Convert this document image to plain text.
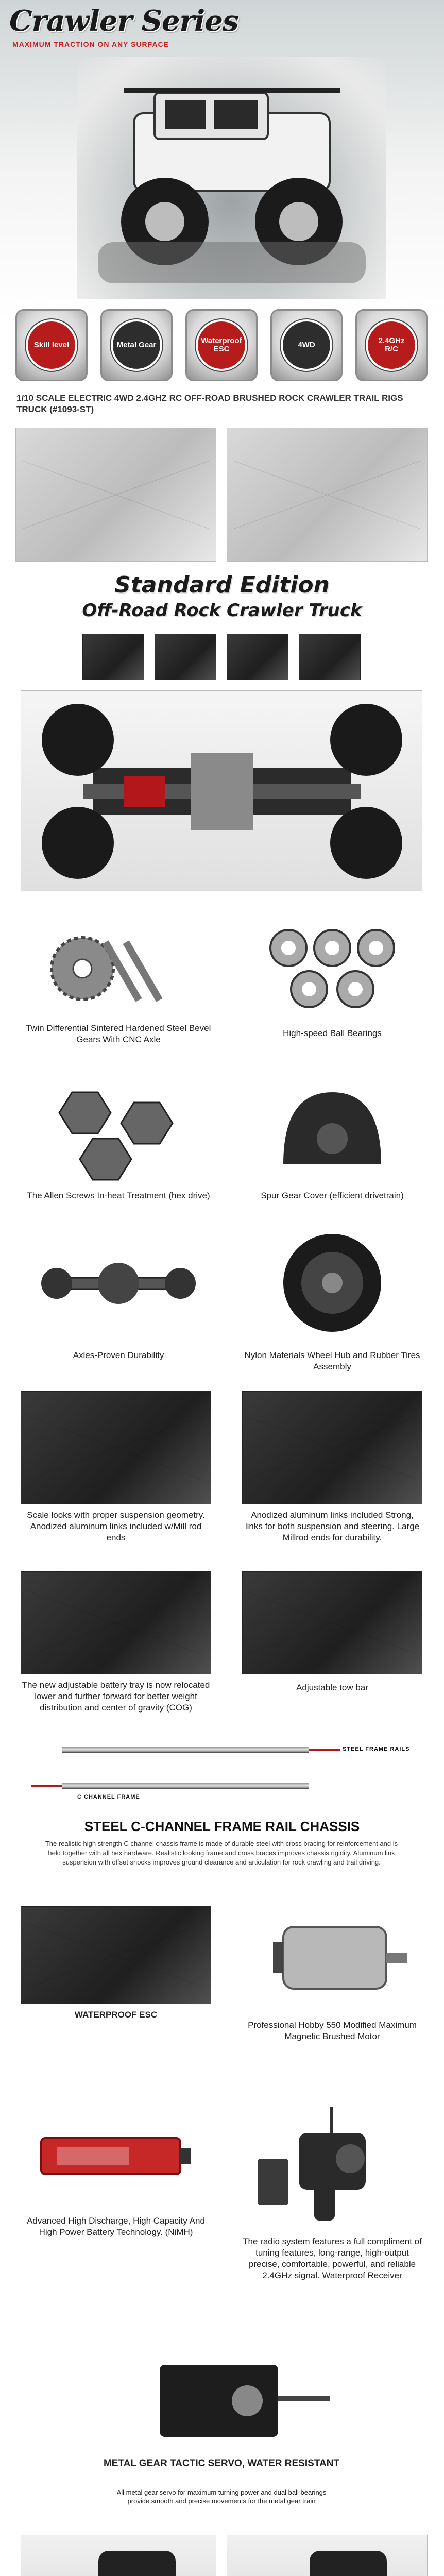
Crawler Series
MAXIMUM TRACTION ON ANY SURFACE
Skill level	Metal Gear	Waterproof ESC	4WD	2.4GHz R/C
1/10 SCALE ELECTRIC 4WD 2.4GHZ RC OFF-ROAD BRUSHED ROCK CRAWLER TRAIL RIGS TRUCK (#1093-ST)
Standard Edition
Off-Road Rock Crawler Truck
Twin Differential Sintered Hardened Steel Bevel Gears With CNC Axle
High-speed Ball Bearings
The Allen Screws In-heat Treatment (hex drive)	Spur Gear Cover (efficient drivetrain)
Axles-Proven Durability	Nylon Materials Wheel Hub and Rubber Tires Assembly
Scale looks with proper suspension geometry. Anodized aluminum links included w/Mill rod ends
Anodized aluminum links included Strong, links for both suspension and steering. Large Millrod ends for durability.
The new adjustable battery tray is now relocated lower and further forward for better weight distribution and center of gravity (COG)
Adjustable tow bar
STEEL FRAME RAILS
C CHANNEL FRAME
STEEL C-CHANNEL FRAME RAIL CHASSIS
The realistic high strength C channel chassis frame is made of durable steel with cross bracing for reinforcement and is held together with all hex hardware. Realistic looking frame and cross braces improves chassis rigidity. Aluminum link suspension with offset shocks improves ground clearance and articulation for rock crawling and trail driving.
WATERPROOF ESC
Professional Hobby 550 Modified Maximum Magnetic Brushed Motor
Advanced High Discharge, High Capacity And High Power Battery Technology. (NiMH)
The radio system features a full compliment of tuning features, long-range, high-output precise, comfortable, powerful, and reliable 2.4GHz signal. Waterproof Receiver
METAL GEAR TACTIC SERVO, WATER RESISTANT
All metal gear servo for maximum turning power and dual ball bearings provide smooth and precise movements for the metal gear train
